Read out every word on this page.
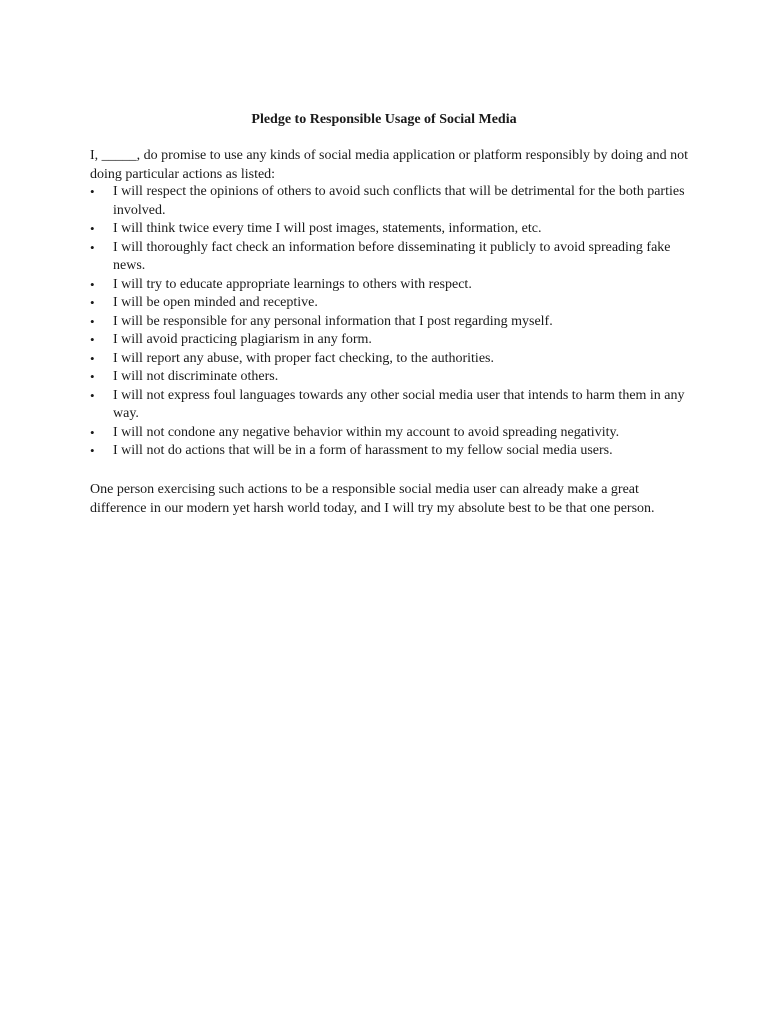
Pledge to Responsible Usage of Social Media

I, _____, do promise to use any kinds of social media application or platform responsibly by doing and not doing particular actions as listed:

•	I will respect the opinions of others to avoid such conflicts that will be detrimental for the both parties involved.
•	I will think twice every time I will post images, statements, information, etc.
•	I will thoroughly fact check an information before disseminating it publicly to avoid spreading fake news.
•	I will try to educate appropriate learnings to others with respect.
•	I will be open minded and receptive.
•	I will be responsible for any personal information that I post regarding myself.
•	I will avoid practicing plagiarism in any form.
•	I will report any abuse, with proper fact checking, to the authorities.
•	I will not discriminate others.
•	I will not express foul languages towards any other social media user that intends to harm them in any way.
•	I will not condone any negative behavior within my account to avoid spreading negativity.
•	I will not do actions that will be in a form of harassment to my fellow social media users.

One person exercising such actions to be a responsible social media user can already make a great difference in our modern yet harsh world today, and I will try my absolute best to be that one person.
